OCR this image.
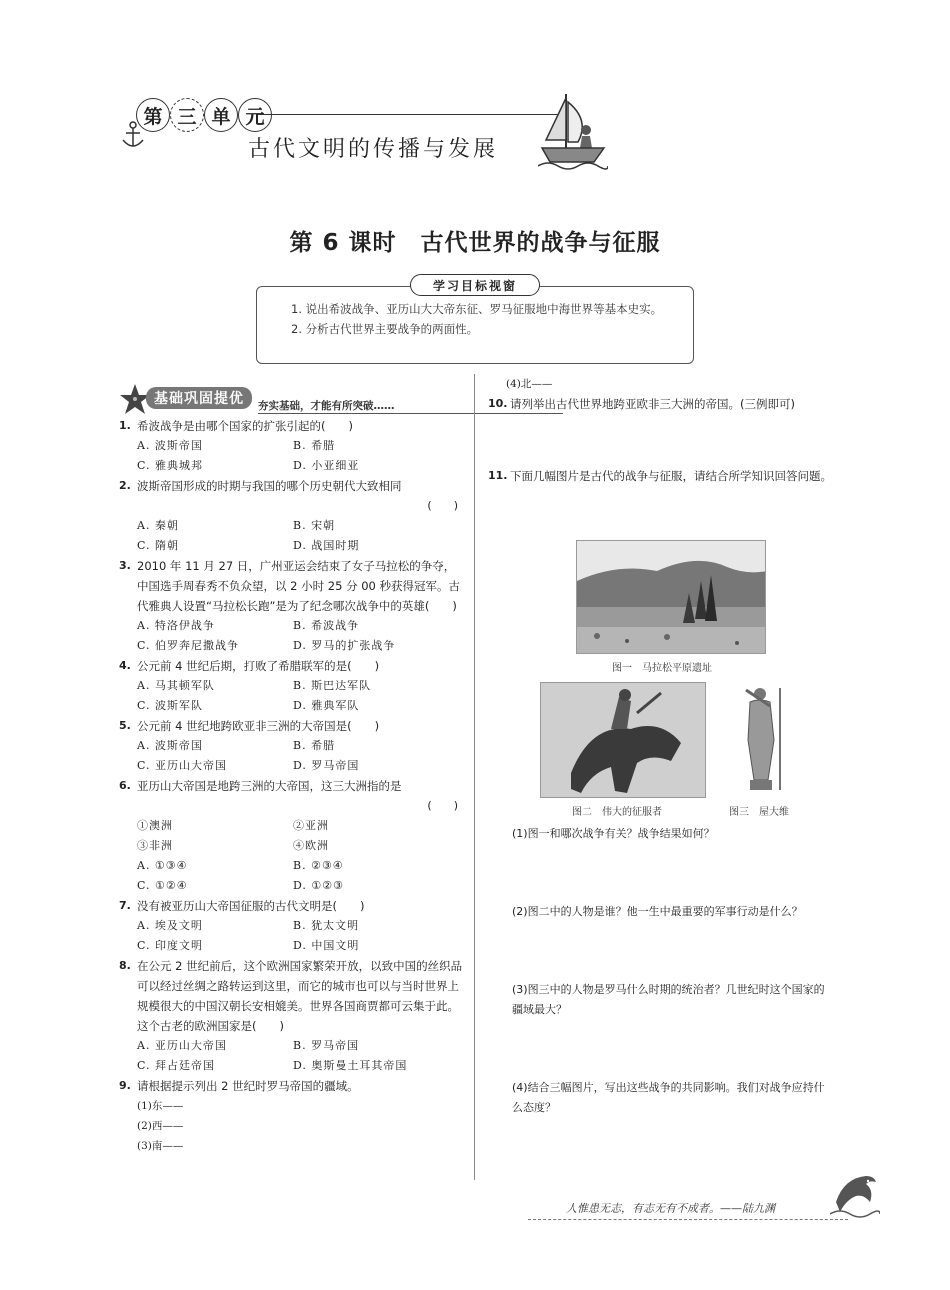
第 三 单 元
古代文明的传播与发展
第 6 课时 古代世界的战争与征服
1. 说出希波战争、亚历山大大帝东征、罗马征服地中海世界等基本史实。
2. 分析古代世界主要战争的两面性。
学习目标视窗
基础巩固提优	夯实基础，才能有所突破……
1. 希波战争是由哪个国家的扩张引起的(　　)
A. 波斯帝国	B. 希腊
C. 雅典城邦	D. 小亚细亚
2. 波斯帝国形成的时期与我国的哪个历史朝代大致相同
(　　)
A. 秦朝	B. 宋朝
C. 隋朝	D. 战国时期
3. 2010 年 11 月 27 日，广州亚运会结束了女子马拉松的争夺，中国选手周春秀不负众望，以 2 小时 25 分 00 秒获得冠军。古代雅典人设置“马拉松长跑”是为了纪念哪次战争中的英雄(　　)
A. 特洛伊战争	B. 希波战争
C. 伯罗奔尼撒战争	D. 罗马的扩张战争
4. 公元前 4 世纪后期，打败了希腊联军的是(　　)
A. 马其顿军队	B. 斯巴达军队
C. 波斯军队	D. 雅典军队
5. 公元前 4 世纪地跨欧亚非三洲的大帝国是(　　)
A. 波斯帝国	B. 希腊
C. 亚历山大帝国	D. 罗马帝国
6. 亚历山大帝国是地跨三洲的大帝国，这三大洲指的是
(　　)
①澳洲	②亚洲
③非洲	④欧洲
A. ①③④	B. ②③④
C. ①②④	D. ①②③
7. 没有被亚历山大帝国征服的古代文明是(　　)
A. 埃及文明	B. 犹太文明
C. 印度文明	D. 中国文明
8. 在公元 2 世纪前后，这个欧洲国家繁荣开放，以致中国的丝织品可以经过丝绸之路转运到这里，而它的城市也可以与当时世界上规模很大的中国汉朝长安相媲美。世界各国商贾都可云集于此。这个古老的欧洲国家是(　　)
A. 亚历山大帝国	B. 罗马帝国
C. 拜占廷帝国	D. 奥斯曼土耳其帝国
9. 请根据提示列出 2 世纪时罗马帝国的疆域。
(1)东——
(2)西——
(3)南——
(4)北——
10. 请列举出古代世界地跨亚欧非三大洲的帝国。(三例即可)
11. 下面几幅图片是古代的战争与征服，请结合所学知识回答问题。
图一　马拉松平原遗址
图二　伟大的征服者	图三　屋大维
(1)图一和哪次战争有关？战争结果如何？
(2)图二中的人物是谁？他一生中最重要的军事行动是什么？
(3)图三中的人物是罗马什么时期的统治者？几世纪时这个国家的疆域最大？
(4)结合三幅图片，写出这些战争的共同影响。我们对战争应持什么态度？
人惟患无志，有志无有不成者。——陆九渊
